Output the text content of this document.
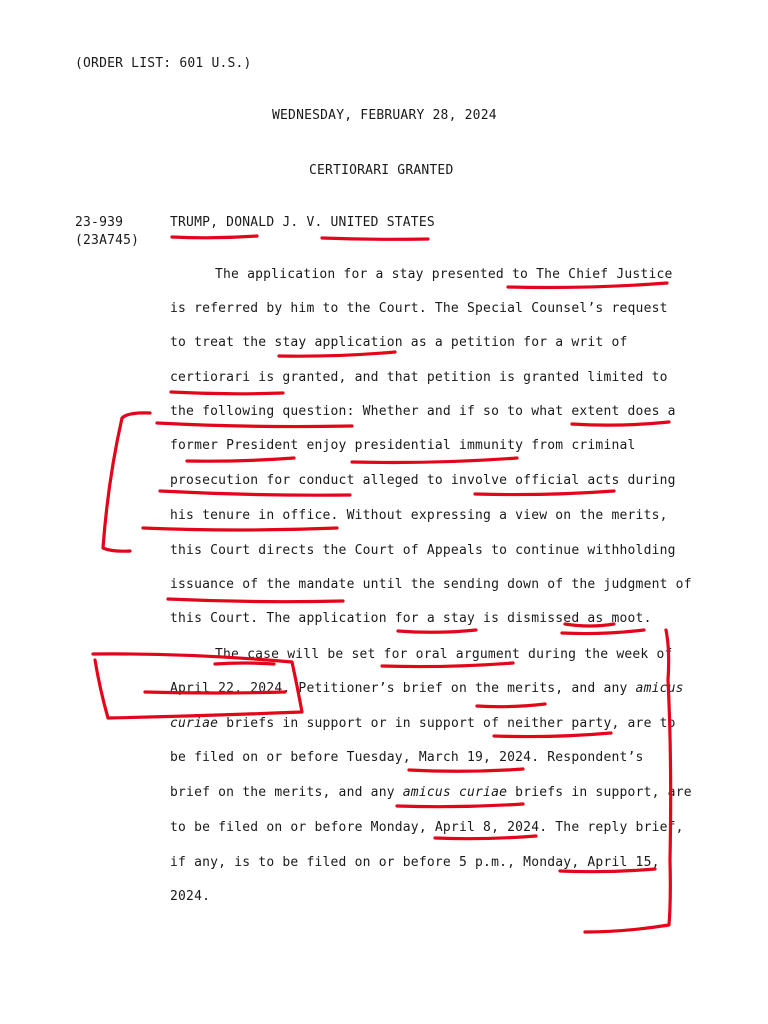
(ORDER LIST: 601 U.S.)
WEDNESDAY, FEBRUARY 28, 2024
CERTIORARI GRANTED
23-939
(23A745)
TRUMP, DONALD J. V. UNITED STATES
The application for a stay presented to The Chief Justice
is referred by him to the Court. The Special Counsel’s request
to treat the stay application as a petition for a writ of
certiorari is granted, and that petition is granted limited to
the following question: Whether and if so to what extent does a
former President enjoy presidential immunity from criminal
prosecution for conduct alleged to involve official acts during
his tenure in office. Without expressing a view on the merits,
this Court directs the Court of Appeals to continue withholding
issuance of the mandate until the sending down of the judgment of
this Court. The application for a stay is dismissed as moot.
The case will be set for oral argument during the week of
April 22, 2024. Petitioner’s brief on the merits, and any amicus
curiae briefs in support or in support of neither party, are to
be filed on or before Tuesday, March 19, 2024. Respondent’s
brief on the merits, and any amicus curiae briefs in support, are
to be filed on or before Monday, April 8, 2024. The reply brief,
if any, is to be filed on or before 5 p.m., Monday, April 15,
2024.
